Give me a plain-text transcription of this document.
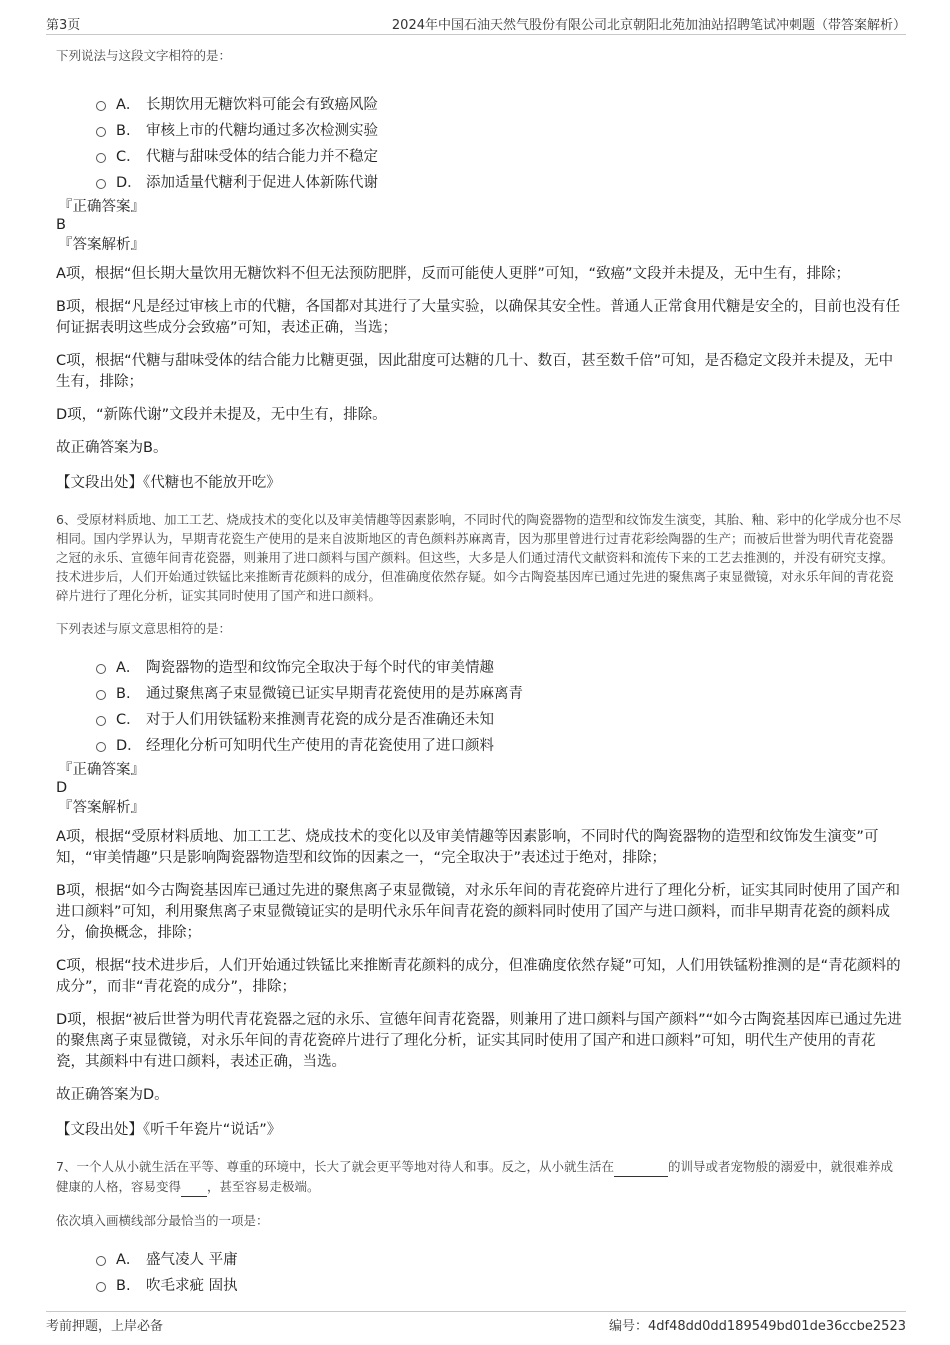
第3页	2024年中国石油天然气股份有限公司北京朝阳北苑加油站招聘笔试冲刺题（带答案解析）
下列说法与这段文字相符的是：
A． 长期饮用无糖饮料可能会有致癌风险
B. 审核上市的代糖均通过多次检测实验
C． 代糖与甜味受体的结合能力并不稳定
D． 添加适量代糖利于促进人体新陈代谢
『正确答案』
B
『答案解析』
A项，根据“但长期大量饮用无糖饮料不但无法预防肥胖，反而可能使人更胖”可知，“致癌”文段并未提及，无中生有，排除；
B项，根据“凡是经过审核上市的代糖，各国都对其进行了大量实验，以确保其安全性。普通人正常食用代糖是安全的，目前也没有任何证据表明这些成分会致癌”可知，表述正确，当选；
C项，根据“代糖与甜味受体的结合能力比糖更强，因此甜度可达糖的几十、数百，甚至数千倍”可知，是否稳定文段并未提及，无中生有，排除；
D项，“新陈代谢”文段并未提及，无中生有，排除。
故正确答案为B。
【文段出处】《代糖也不能放开吃》
6、受原材料质地、加工工艺、烧成技术的变化以及审美情趣等因素影响，不同时代的陶瓷器物的造型和纹饰发生演变，其胎、釉、彩中的化学成分也不尽相同。国内学界认为，早期青花瓷生产使用的是来自波斯地区的青色颜料苏麻离青，因为那里曾进行过青花彩绘陶器的生产；而被后世誉为明代青花瓷器之冠的永乐、宣德年间青花瓷器，则兼用了进口颜料与国产颜料。但这些，大多是人们通过清代文献资料和流传下来的工艺去推测的，并没有研究支撑。技术进步后，人们开始通过铁锰比来推断青花颜料的成分，但准确度依然存疑。如今古陶瓷基因库已通过先进的聚焦离子束显微镜，对永乐年间的青花瓷碎片进行了理化分析，证实其同时使用了国产和进口颜料。
下列表述与原文意思相符的是：
A． 陶瓷器物的造型和纹饰完全取决于每个时代的审美情趣
B. 通过聚焦离子束显微镜已证实早期青花瓷使用的是苏麻离青
C． 对于人们用铁锰粉来推测青花瓷的成分是否准确还未知
D． 经理化分析可知明代生产使用的青花瓷使用了进口颜料
『正确答案』
D
『答案解析』
A项，根据“受原材料质地、加工工艺、烧成技术的变化以及审美情趣等因素影响，不同时代的陶瓷器物的造型和纹饰发生演变”可知，“审美情趣”只是影响陶瓷器物造型和纹饰的因素之一，“完全取决于”表述过于绝对，排除；
B项，根据“如今古陶瓷基因库已通过先进的聚焦离子束显微镜，对永乐年间的青花瓷碎片进行了理化分析，证实其同时使用了国产和进口颜料”可知，利用聚焦离子束显微镜证实的是明代永乐年间青花瓷的颜料同时使用了国产与进口颜料，而非早期青花瓷的颜料成分，偷换概念，排除；
C项，根据“技术进步后，人们开始通过铁锰比来推断青花颜料的成分，但准确度依然存疑”可知，人们用铁锰粉推测的是“青花颜料的成分”，而非“青花瓷的成分”，排除；
D项，根据“被后世誉为明代青花瓷器之冠的永乐、宣德年间青花瓷器，则兼用了进口颜料与国产颜料”“如今古陶瓷基因库已通过先进的聚焦离子束显微镜，对永乐年间的青花瓷碎片进行了理化分析，证实其同时使用了国产和进口颜料”可知，明代生产使用的青花瓷，其颜料中有进口颜料，表述正确，当选。
故正确答案为D。
【文段出处】《听千年瓷片“说话”》
7、一个人从小就生活在平等、尊重的环境中，长大了就会更平等地对待人和事。反之，从小就生活在	的训导或者宠物般的溺爱中，就很难养成健康的人格，容易变得 ，甚至容易走极端。
依次填入画横线部分最恰当的一项是：
A． 盛气凌人 平庸
B. 吹毛求疵 固执
考前押题，上岸必备	编号：4df48dd0dd189549bd01de36ccbe2523
